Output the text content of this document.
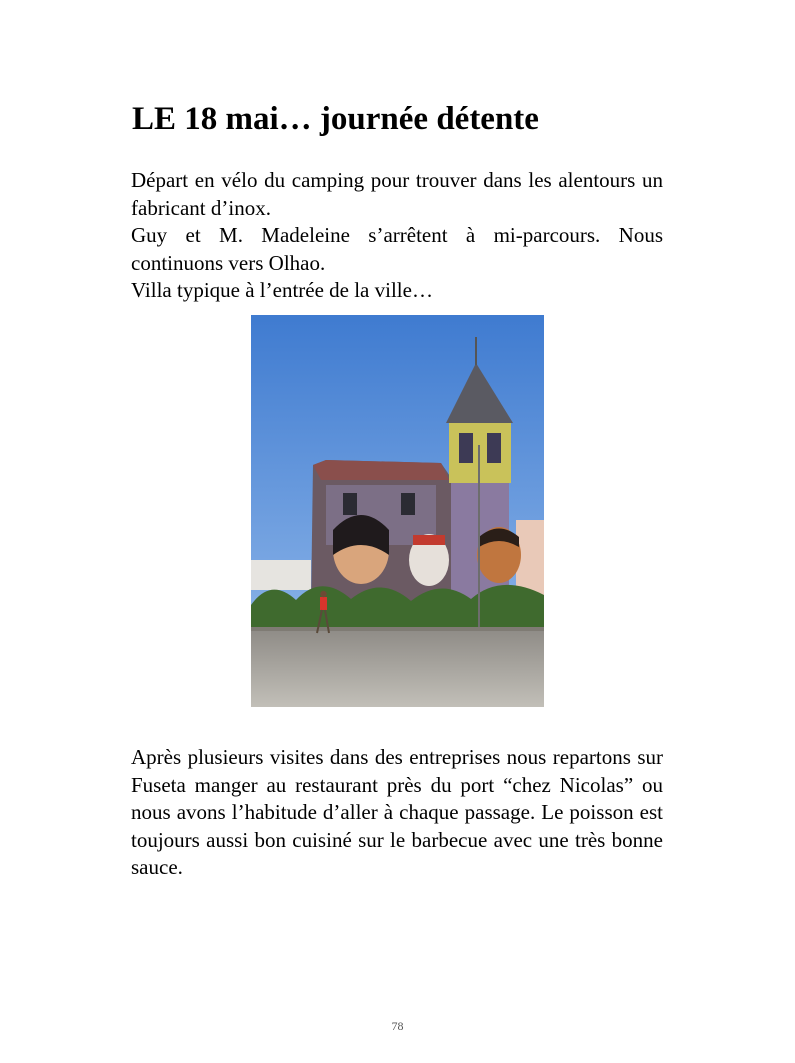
LE 18 mai… journée détente
Départ en vélo du camping pour trouver dans les alentours un fabricant d’inox.
Guy et M. Madeleine s’arrêtent à mi-parcours. Nous continuons vers Olhao.
Villa typique à l’entrée de la ville…
Après plusieurs visites dans des entreprises nous repartons sur Fuseta manger au restaurant près du port “chez Nicolas” ou nous avons l’habitude d’aller à chaque passage. Le poisson est toujours aussi bon cuisiné sur le barbecue avec une très bonne sauce.
78
